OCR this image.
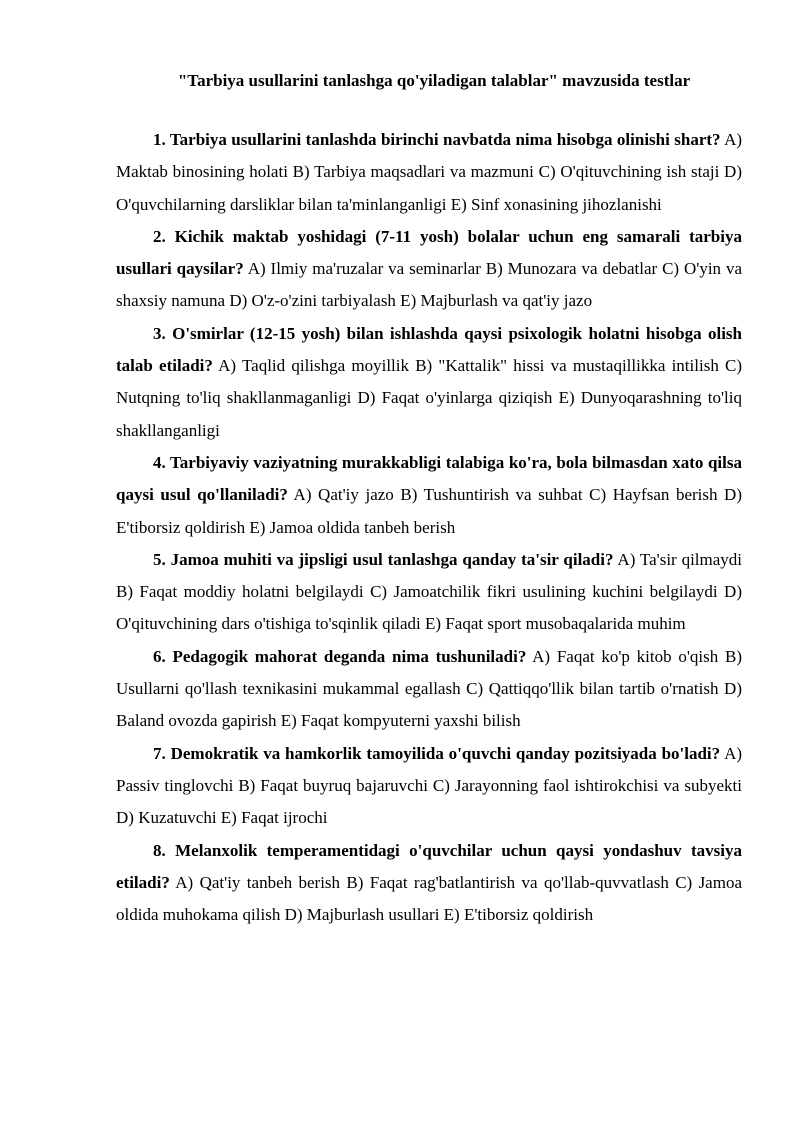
"Tarbiya usullarini tanlashga qo'yiladigan talablar" mavzusida testlar

1. Tarbiya usullarini tanlashda birinchi navbatda nima hisobga olinishi shart? A) Maktab binosining holati B) Tarbiya maqsadlari va mazmuni C) O'qituvchining ish staji D) O'quvchilarning darsliklar bilan ta'minlanganligi E) Sinf xonasining jihozlanishi

2. Kichik maktab yoshidagi (7-11 yosh) bolalar uchun eng samarali tarbiya usullari qaysilar? A) Ilmiy ma'ruzalar va seminarlar B) Munozara va debatlar C) O'yin va shaxsiy namuna D) O'z-o'zini tarbiyalash E) Majburlash va qat'iy jazo

3. O'smirlar (12-15 yosh) bilan ishlashda qaysi psixologik holatni hisobga olish talab etiladi? A) Taqlid qilishga moyillik B) "Kattalik" hissi va mustaqillikka intilish C) Nutqning to'liq shakllanmaganligi D) Faqat o'yinlarga qiziqish E) Dunyoqarashning to'liq shakllanganligi

4. Tarbiyaviy vaziyatning murakkabligi talabiga ko'ra, bola bilmasdan xato qilsa qaysi usul qo'llaniladi? A) Qat'iy jazo B) Tushuntirish va suhbat C) Hayfsan berish D) E'tiborsiz qoldirish E) Jamoa oldida tanbeh berish

5. Jamoa muhiti va jipsligi usul tanlashga qanday ta'sir qiladi? A) Ta'sir qilmaydi B) Faqat moddiy holatni belgilaydi C) Jamoatchilik fikri usulining kuchini belgilaydi D) O'qituvchining dars o'tishiga to'sqinlik qiladi E) Faqat sport musobaqalarida muhim

6. Pedagogik mahorat deganda nima tushuniladi? A) Faqat ko'p kitob o'qish B) Usullarni qo'llash texnikasini mukammal egallash C) Qattiqqo'llik bilan tartib o'rnatish D) Baland ovozda gapirish E) Faqat kompyuterni yaxshi bilish

7. Demokratik va hamkorlik tamoyilida o'quvchi qanday pozitsiyada bo'ladi? A) Passiv tinglovchi B) Faqat buyruq bajaruvchi C) Jarayonning faol ishtirokchisi va subyekti D) Kuzatuvchi E) Faqat ijrochi

8. Melanxolik temperamentidagi o'quvchilar uchun qaysi yondashuv tavsiya etiladi? A) Qat'iy tanbeh berish B) Faqat rag'batlantirish va qo'llab-quvvatlash C) Jamoa oldida muhokama qilish D) Majburlash usullari E) E'tiborsiz qoldirish
